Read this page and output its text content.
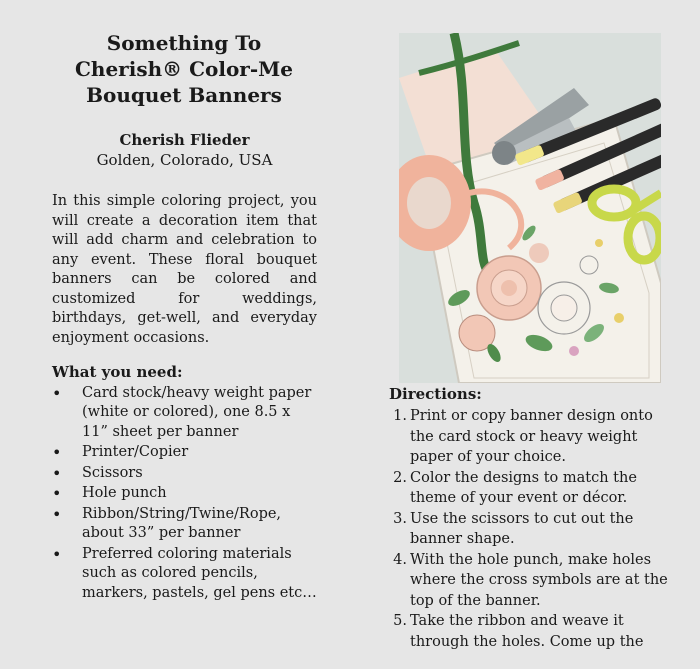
Something To
Cherish® Color-Me
Bouquet Banners
Cherish Flieder
Golden, Colorado, USA

In this simple coloring project, you will create a decoration item that will add charm and celebration to any event. These floral bouquet banners can be colored and customized for weddings, birthdays, get-well, and everyday enjoyment occasions.

What you need:
• Card stock/heavy weight paper (white or colored), one 8.5 x 11” sheet per banner
• Printer/Copier
• Scissors
• Hole punch
• Ribbon/String/Twine/Rope, about 33” per banner
• Preferred coloring materials such as colored pencils, markers, pastels, gel pens etc…
Directions:
1. Print or copy banner design onto the card stock or heavy weight paper of your choice.
2. Color the designs to match the theme of your event or décor.
3. Use the scissors to cut out the banner shape.
4. With the hole punch, make holes where the cross symbols are at the top of the banner.
5. Take the ribbon and weave it through the holes. Come up the
